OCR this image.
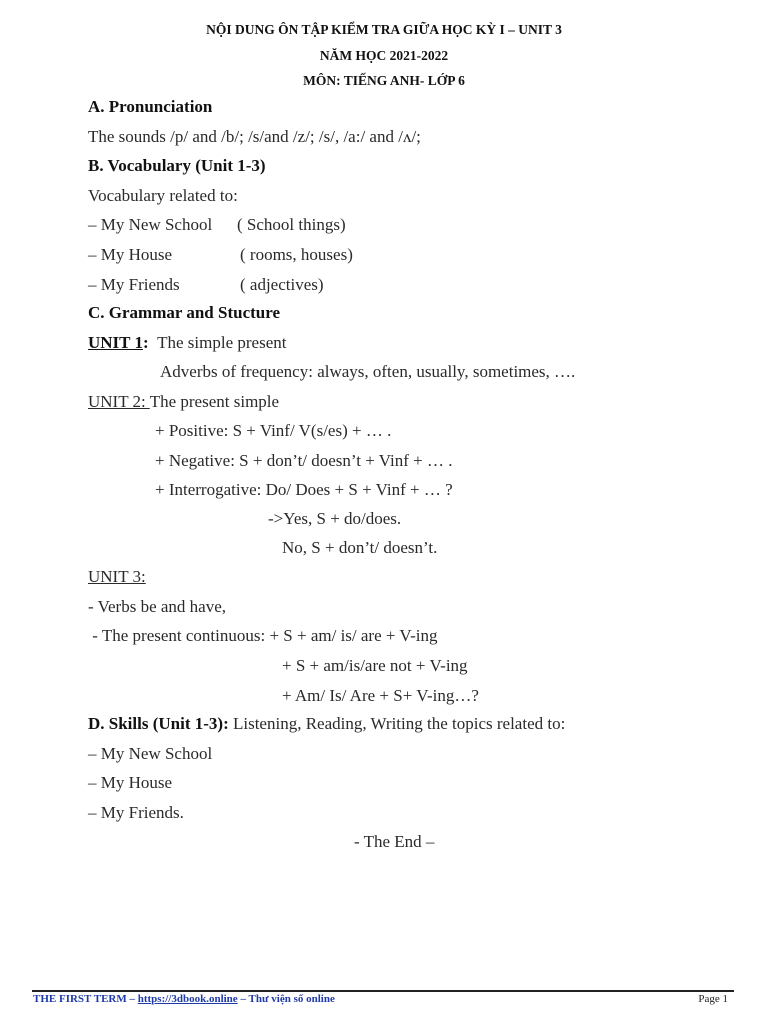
NỘI DUNG ÔN TẬP KIỂM TRA GIỮA HỌC KỲ I – UNIT 3
NĂM HỌC 2021-2022
MÔN: TIẾNG ANH- LỚP 6
A. Pronunciation
The sounds /p/ and /b/; /s/and /z/; /s/, /a:/ and /ʌ/;
B. Vocabulary (Unit 1-3)
Vocabulary related to:
– My New School ( School things)
– My House	( rooms, houses)
– My Friends	( adjectives)
C. Grammar and Stucture
UNIT 1: The simple present
Adverbs of frequency: always, often, usually, sometimes, ….
UNIT 2: The present simple
+ Positive: S + Vinf/ V(s/es) + … .
+ Negative: S + don’t/ doesn’t + Vinf + … .
+ Interrogative: Do/ Does + S + Vinf + … ?
->Yes, S + do/does.
No, S + don’t/ doesn’t.
UNIT 3:
- Verbs be and have,
- The present continuous: + S + am/ is/ are + V-ing
+ S + am/is/are not + V-ing
+ Am/ Is/ Are + S+ V-ing…?
D. Skills (Unit 1-3): Listening, Reading, Writing the topics related to:
– My New School
– My House
– My Friends.
- The End –
THE FIRST TERM – https://3dbook.online – Thư viện số online	Page 1
